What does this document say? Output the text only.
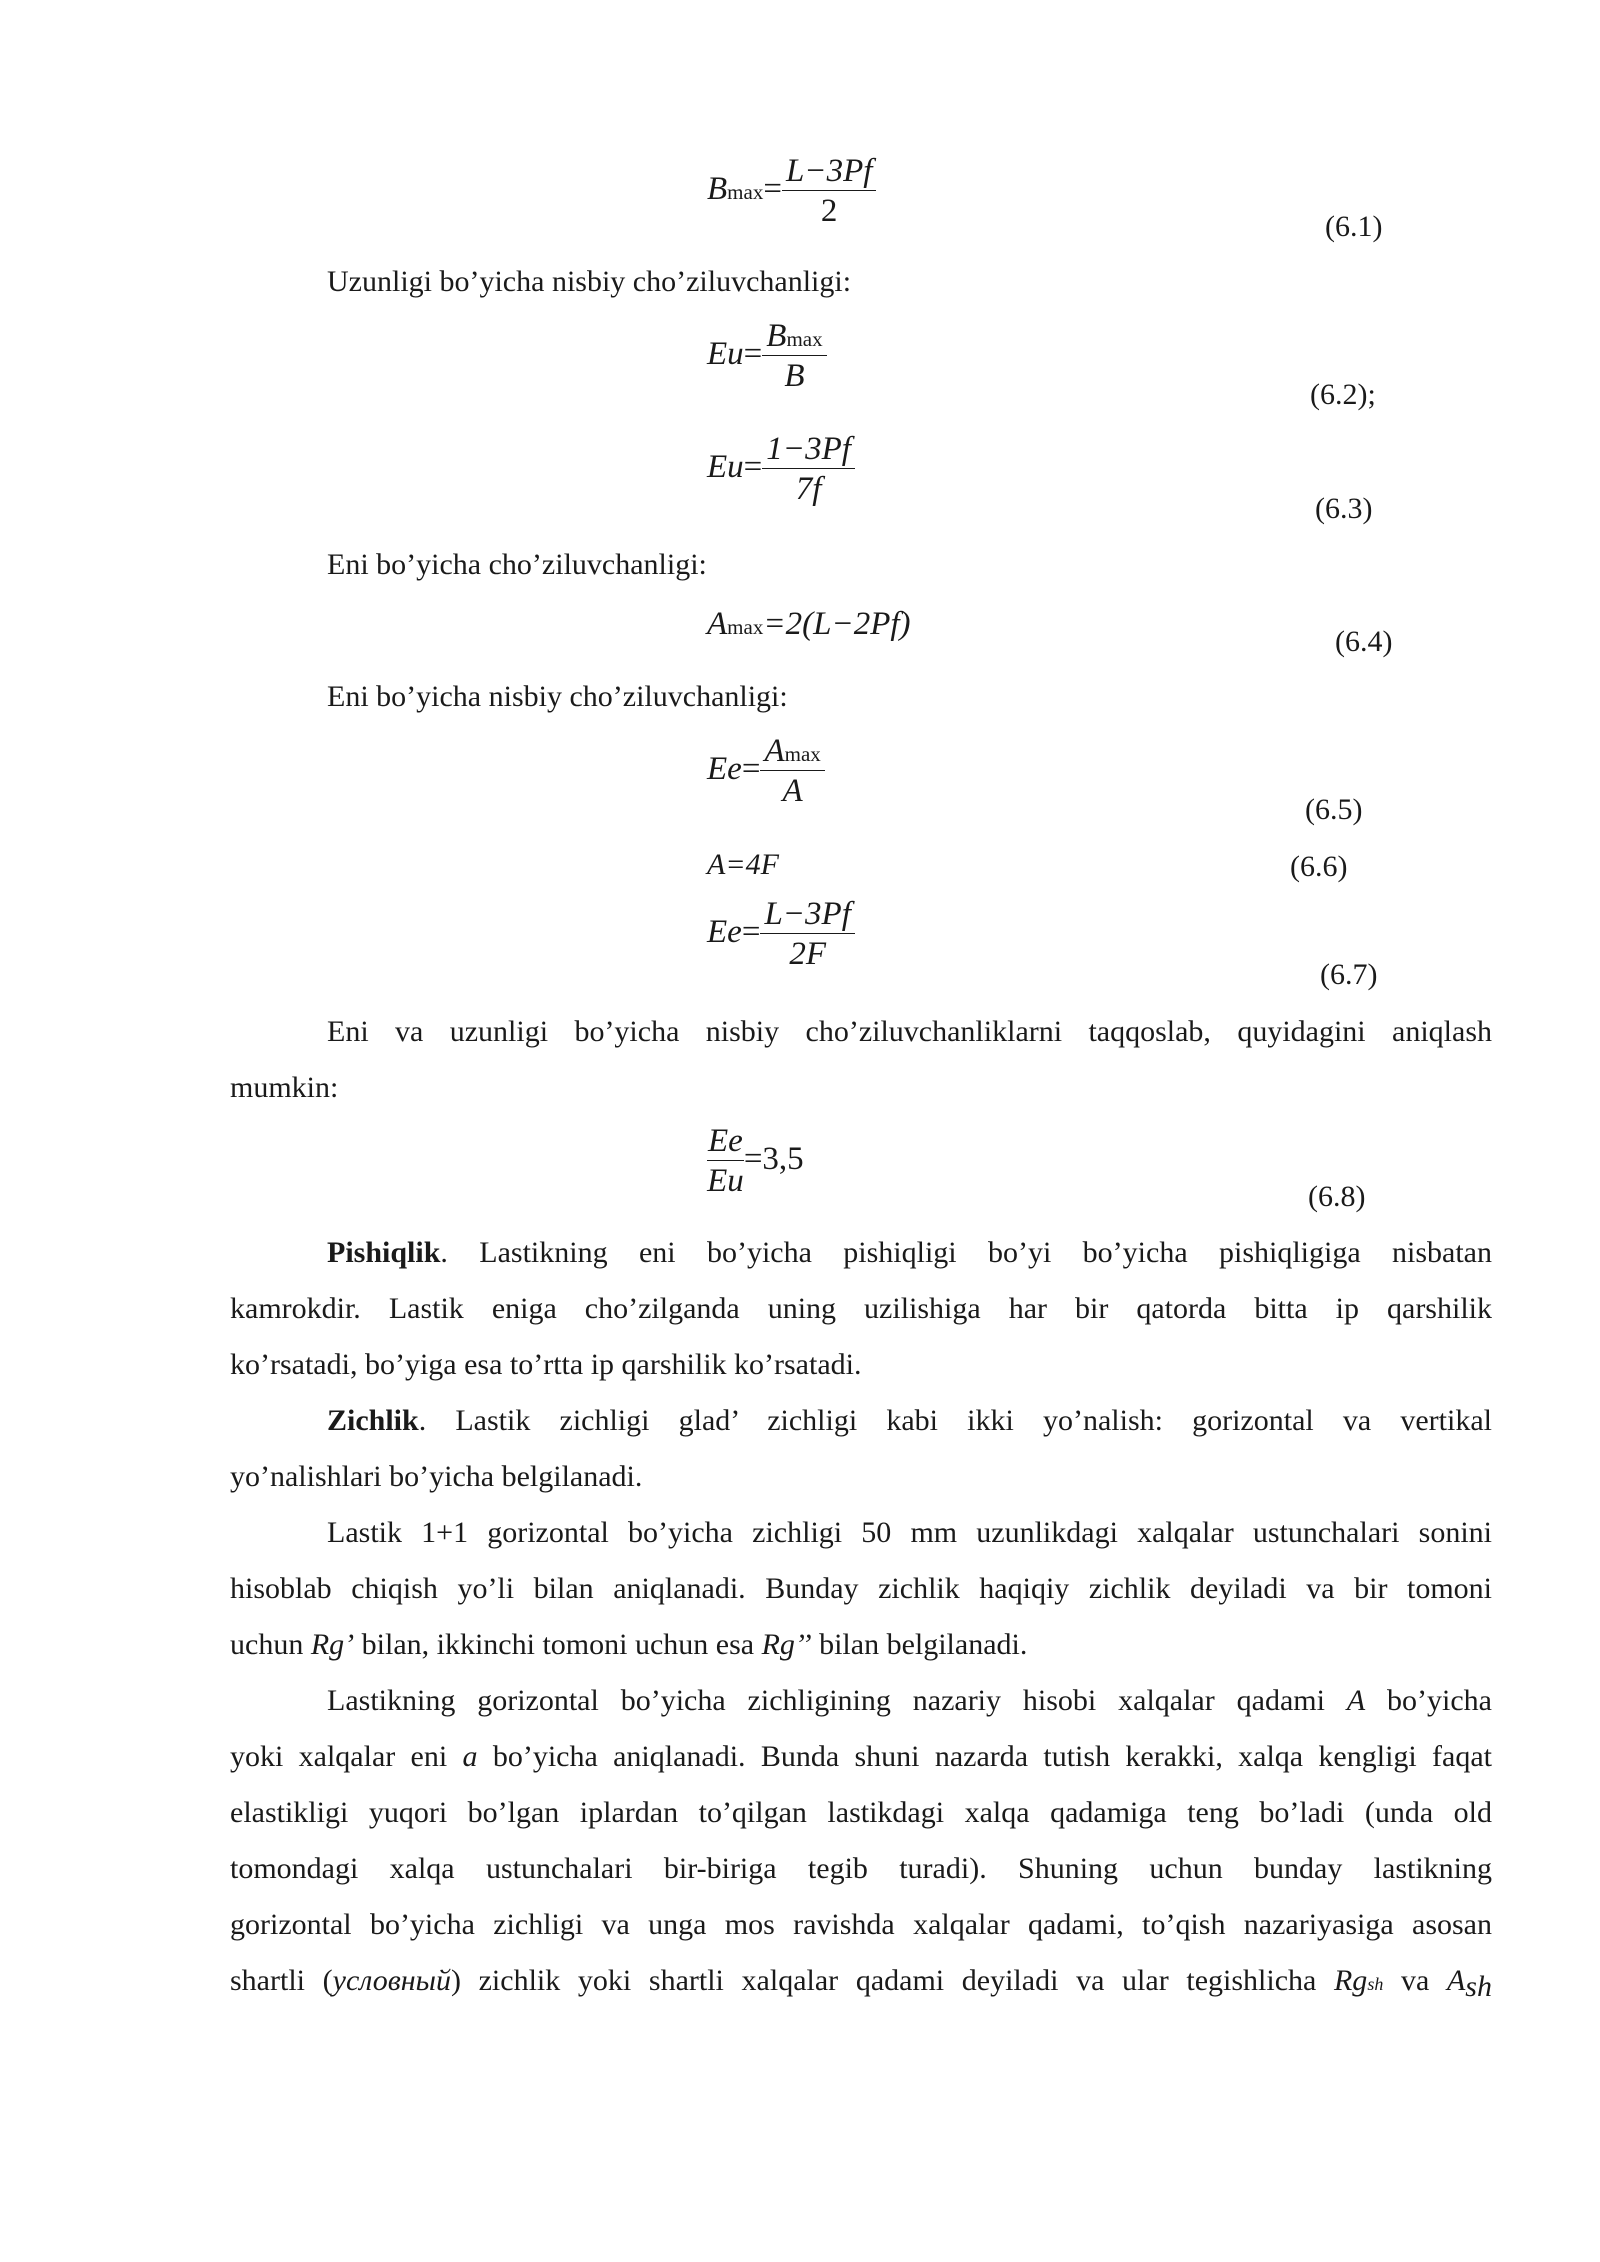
$Bmax= \frac{L-3Pf}{2}$	(6.1)
Uzunligi bo’yicha nisbiy cho’ziluvchanligi:
$Eu= \frac{Bmax}{B}$
(6.2);
$Eu= \frac{1-3Pf}{7f}$
(6.3)
Eni bo’yicha cho’ziluvchanligi:
Amax=2(L−2Pf)	(6.4)
Eni bo’yicha nisbiy cho’ziluvchanligi:
$Ee= \frac{Amax}{A}$
(6.5)
A=4F	(6.6)
$Ee= \frac{L-3Pf}{2F}$
(6.7)
Eni va uzunligi bo’yicha nisbiy cho’ziluvchanliklarni taqqoslab, quyidagini aniqlash
mumkin:
$\frac{Ee}{Eu} =3,5$
(6.8)
Pishiqlik. Lastikning eni bo’yicha pishiqligi bo’yi bo’yicha pishiqligiga nisbatan
kamrokdir. Lastik eniga cho’zilganda uning uzilishiga har bir qatorda bitta ip qarshilik
ko’rsatadi, bo’yiga esa to’rtta ip qarshilik ko’rsatadi.
Zichlik. Lastik zichligi glad’ zichligi kabi ikki yo’nalish: gorizontal va vertikal
yo’nalishlari bo’yicha belgilanadi.
Lastik 1+1 gorizontal bo’yicha zichligi 50 mm uzunlikdagi xalqalar ustunchalari sonini
hisoblab chiqish yo’li bilan aniqlanadi. Bunday zichlik haqiqiy zichlik deyiladi va bir tomoni
uchun Rg’ bilan, ikkinchi tomoni uchun esa Rg’’ bilan belgilanadi.
Lastikning gorizontal bo’yicha zichligining nazariy hisobi xalqalar qadami A bo’yicha
yoki xalqalar eni a bo’yicha aniqlanadi. Bunda shuni nazarda tutish kerakki, xalqa kengligi faqat
elastikligi yuqori bo’lgan iplardan to’qilgan lastikdagi xalqa qadamiga teng bo’ladi (unda old
tomondagi xalqa ustunchalari bir-biriga tegib turadi). Shuning uchun bunday lastikning
gorizontal bo’yicha zichligi va unga mos ravishda xalqalar qadami, to’qish nazariyasiga asosan
shartli (условный) zichlik yoki shartli xalqalar qadami deyiladi va ular tegishlicha Rgsh va Ash
